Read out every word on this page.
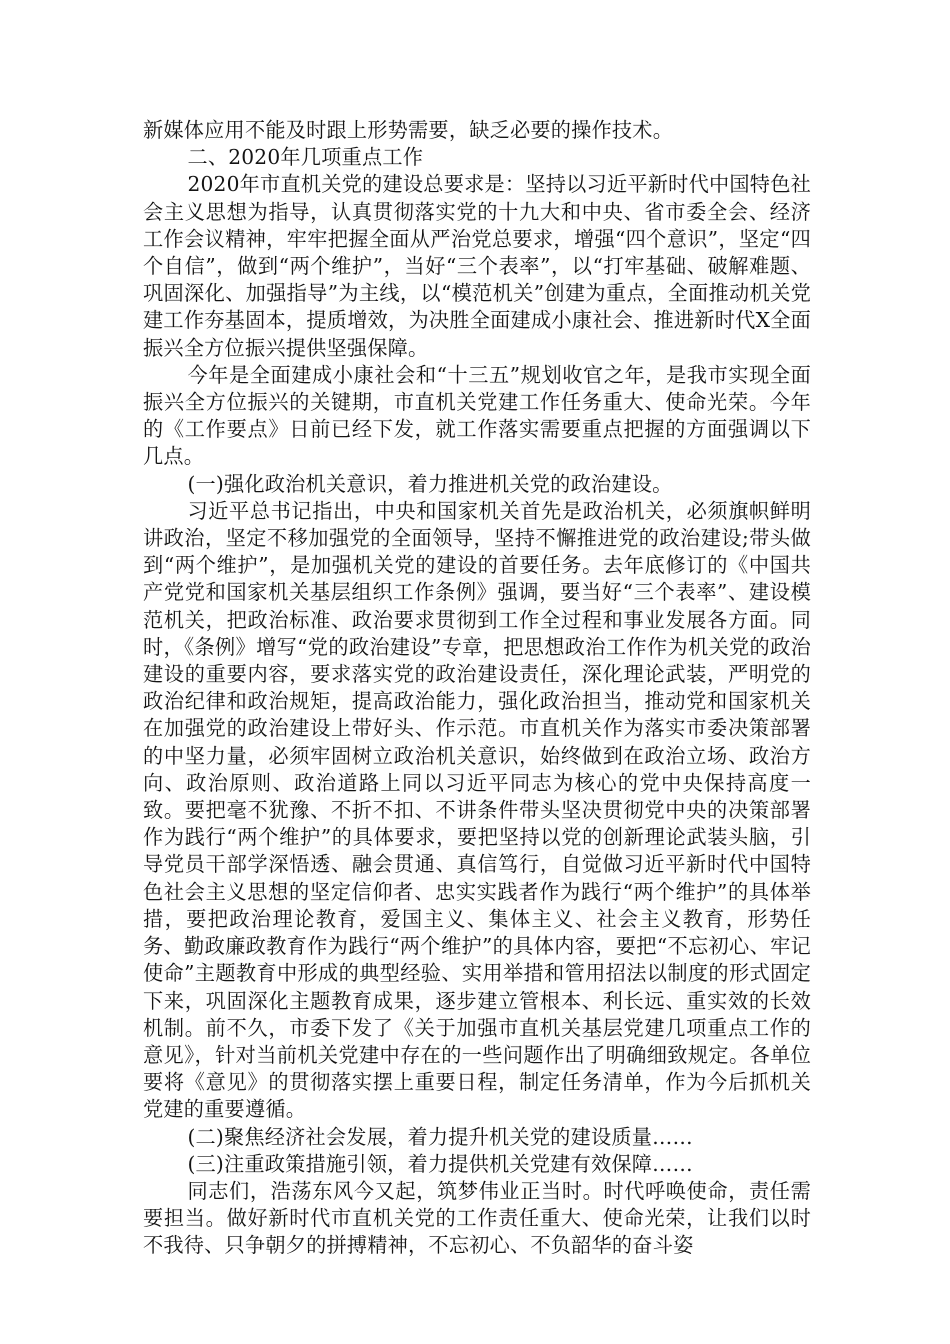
新媒体应用不能及时跟上形势需要，缺乏必要的操作技术。

二、2020年几项重点工作

2020年市直机关党的建设总要求是：坚持以习近平新时代中国特色社会主义思想为指导，认真贯彻落实党的十九大和中央、省市委全会、经济工作会议精神，牢牢把握全面从严治党总要求，增强“四个意识”，坚定“四个自信”，做到“两个维护”，当好“三个表率”，以“打牢基础、破解难题、巩固深化、加强指导”为主线，以“模范机关”创建为重点，全面推动机关党建工作夯基固本，提质增效，为决胜全面建成小康社会、推进新时代X全面振兴全方位振兴提供坚强保障。

今年是全面建成小康社会和“十三五”规划收官之年，是我市实现全面振兴全方位振兴的关键期，市直机关党建工作任务重大、使命光荣。今年的《工作要点》日前已经下发，就工作落实需要重点把握的方面强调以下几点。

(一)强化政治机关意识，着力推进机关党的政治建设。

习近平总书记指出，中央和国家机关首先是政治机关，必须旗帜鲜明讲政治，坚定不移加强党的全面领导，坚持不懈推进党的政治建设;带头做到“两个维护”，是加强机关党的建设的首要任务。去年底修订的《中国共产党党和国家机关基层组织工作条例》强调，要当好“三个表率”、建设模范机关，把政治标准、政治要求贯彻到工作全过程和事业发展各方面。同时，《条例》增写“党的政治建设”专章，把思想政治工作作为机关党的政治建设的重要内容，要求落实党的政治建设责任，深化理论武装，严明党的政治纪律和政治规矩，提高政治能力，强化政治担当，推动党和国家机关在加强党的政治建设上带好头、作示范。市直机关作为落实市委决策部署的中坚力量，必须牢固树立政治机关意识，始终做到在政治立场、政治方向、政治原则、政治道路上同以习近平同志为核心的党中央保持高度一致。要把毫不犹豫、不折不扣、不讲条件带头坚决贯彻党中央的决策部署作为践行“两个维护”的具体要求，要把坚持以党的创新理论武装头脑，引导党员干部学深悟透、融会贯通、真信笃行，自觉做习近平新时代中国特色社会主义思想的坚定信仰者、忠实实践者作为践行“两个维护”的具体举措，要把政治理论教育，爱国主义、集体主义、社会主义教育，形势任务、勤政廉政教育作为践行“两个维护”的具体内容，要把“不忘初心、牢记使命”主题教育中形成的典型经验、实用举措和管用招法以制度的形式固定下来，巩固深化主题教育成果，逐步建立管根本、利长远、重实效的长效机制。前不久，市委下发了《关于加强市直机关基层党建几项重点工作的意见》，针对当前机关党建中存在的一些问题作出了明确细致规定。各单位要将《意见》的贯彻落实摆上重要日程，制定任务清单，作为今后抓机关党建的重要遵循。

(二)聚焦经济社会发展，着力提升机关党的建设质量……

(三)注重政策措施引领，着力提供机关党建有效保障……

同志们，浩荡东风今又起，筑梦伟业正当时。时代呼唤使命，责任需要担当。做好新时代市直机关党的工作责任重大、使命光荣，让我们以时不我待、只争朝夕的拼搏精神，不忘初心、不负韶华的奋斗姿
